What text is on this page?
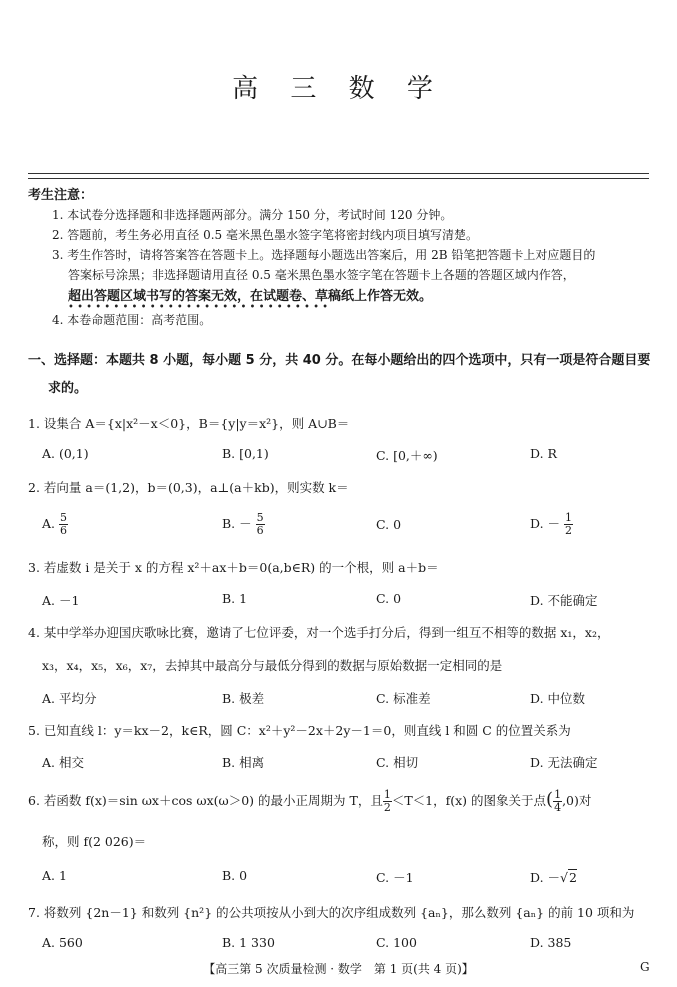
高 三 数 学
考生注意：
1. 本试卷分选择题和非选择题两部分。满分 150 分，考试时间 120 分钟。
2. 答题前，考生务必用直径 0.5 毫米黑色墨水签字笔将密封线内项目填写清楚。
3. 考生作答时，请将答案答在答题卡上。选择题每小题选出答案后，用 2B 铅笔把答题卡上对应题目的
答案标号涂黑；非选择题请用直径 0.5 毫米黑色墨水签字笔在答题卡上各题的答题区域内作答，
超出答题区域书写的答案无效，在试题卷、草稿纸上作答无效。
• • • • • • • • • • • • • • • • • • • • • • • • • • • • •
4. 本卷命题范围：高考范围。
一、选择题：本题共 8 小题，每小题 5 分，共 40 分。在每小题给出的四个选项中，只有一项是符合题目要
求的。
1. 设集合 A＝{x|x²－x＜0}，B＝{y|y＝x²}，则 A∪B＝
A. (0,1)	B. [0,1)	C. [0,＋∞)	D. R
2. 若向量 a＝(1,2)，b＝(0,3)，a⊥(a＋kb)，则实数 k＝
A. $\frac{5}{6}$	B. － $\frac{5}{6}$	C. 0	D. － $\frac{1}{2}$
3. 若虚数 i 是关于 x 的方程 x²＋ax＋b＝0(a,b∈R) 的一个根，则 a＋b＝
A. －1	B. 1	C. 0	D. 不能确定
4. 某中学举办迎国庆歌咏比赛，邀请了七位评委，对一个选手打分后，得到一组互不相等的数据 x₁，x₂，
x₃，x₄，x₅，x₆，x₇，去掉其中最高分与最低分得到的数据与原始数据一定相同的是
A. 平均分	B. 极差	C. 标准差	D. 中位数
5. 已知直线 l：y＝kx－2，k∈R，圆 C：x²＋y²－2x＋2y－1＝0，则直线 l 和圆 C 的位置关系为
A. 相交	B. 相离	C. 相切	D. 无法确定
6. 若函数 f(x)＝sin ωx＋cos ωx(ω＞0) 的最小正周期为 T，且 $\frac{1}{2} <T<1$，f(x) 的图象关于点( $\frac{1}{4} ,0$)对
称，则 f(2 026)＝
A. 1	B. 0	C. －1	D. －√2
7. 将数列 {2n－1} 和数列 {n²} 的公共项按从小到大的次序组成数列 {aₙ}，那么数列 {aₙ} 的前 10 项和为
A. 560	B. 1 330	C. 100	D. 385
【高三第 5 次质量检测 · 数学　第 1 页(共 4 页)】	G
